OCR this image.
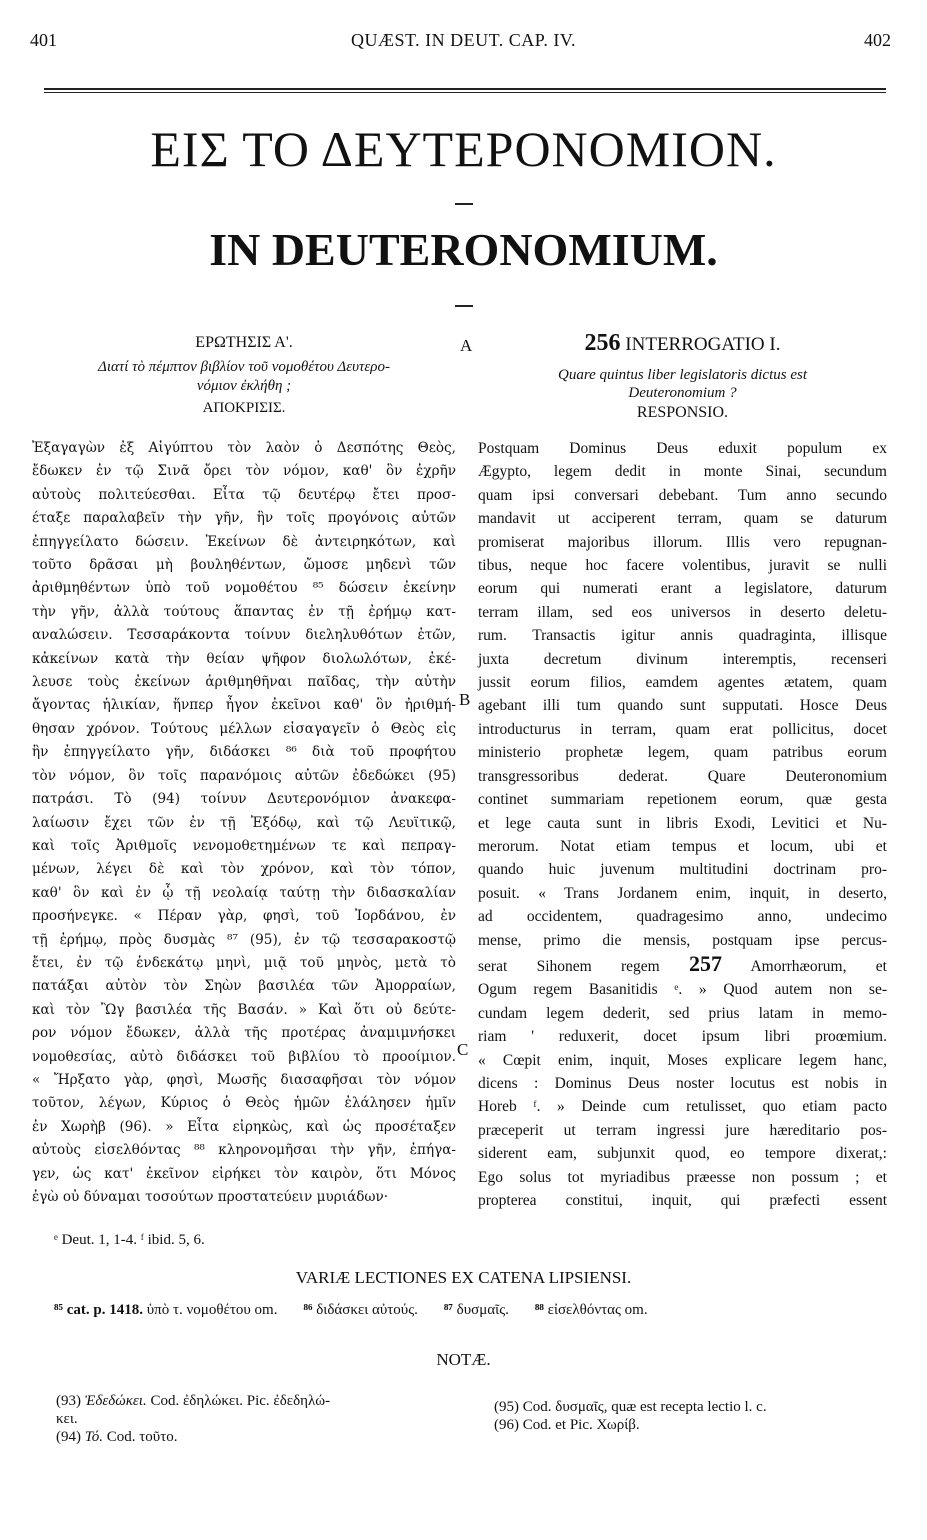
401	QUÆST. IN DEUT. CAP. IV.	402
ΕΙΣ ΤΟ ΔΕΥΤΕΡΟΝΟΜΙΟΝ.
IN DEUTERONOMIUM.
ΕΡΩΤΗΣΙΣ Α'.
Διατί τὸ πέμπτον βιβλίον τοῦ νομοθέτου Δευτερο-
νόμιον ἐκλήθη ;
ΑΠΟΚΡΙΣΙΣ.
A
B
C
256 INTERROGATIO I.
Quare quintus liber legislatoris dictus est
Deuteronomium ?
RESPONSIO.
Ἐξαγαγὼν ἐξ Αἰγύπτου τὸν λαὸν ὁ Δεσπότης Θεὸς,
ἔδωκεν ἐν τῷ Σινᾶ ὄρει τὸν νόμον, καθ' ὃν ἐχρῆν
αὐτοὺς πολιτεύεσθαι. Εἶτα τῷ δευτέρῳ ἔτει προσ-
έταξε παραλαβεῖν τὴν γῆν, ἣν τοῖς προγόνοις αὐτῶν
ἐπηγγείλατο δώσειν. Ἐκείνων δὲ ἀντειρηκότων, καὶ
τοῦτο δρᾶσαι μὴ βουληθέντων, ὤμοσε μηδενὶ τῶν
ἀριθμηθέντων ὑπὸ τοῦ νομοθέτου ⁸⁵ δώσειν ἐκείνην
τὴν γῆν, ἀλλὰ τούτους ἅπαντας ἐν τῇ ἐρήμῳ κατ-
αναλώσειν. Τεσσαράκοντα τοίνυν διεληλυθότων ἐτῶν,
κἀκείνων κατὰ τὴν θείαν ψῆφον διολωλότων, ἐκέ-
λευσε τοὺς ἐκείνων ἀριθμηθῆναι παῖδας, τὴν αὐτὴν
ἄγοντας ἡλικίαν, ἥνπερ ἦγον ἐκεῖνοι καθ' ὃν ἠριθμή-
θησαν χρόνον. Τούτους μέλλων εἰσαγαγεῖν ὁ Θεὸς εἰς
ἣν ἐπηγγείλατο γῆν, διδάσκει ⁸⁶ διὰ τοῦ προφήτου
τὸν νόμον, ὃν τοῖς παρανόμοις αὐτῶν ἐδεδώκει (95)
πατράσι. Τὸ (94) τοίνυν Δευτερονόμιον ἀνακεφα-
λαίωσιν ἔχει τῶν ἐν τῇ Ἐξόδῳ, καὶ τῷ Λευϊτικῷ,
καὶ τοῖς Ἀριθμοῖς νενομοθετημένων τε καὶ πεπραγ-
μένων, λέγει δὲ καὶ τὸν χρόνον, καὶ τὸν τόπον,
καθ' ὃν καὶ ἐν ᾧ τῇ νεολαίᾳ ταύτῃ τὴν διδασκαλίαν
προσήνεγκε. « Πέραν γὰρ, φησὶ, τοῦ Ἰορδάνου, ἐν
τῇ ἐρήμῳ, πρὸς δυσμὰς ⁸⁷ (95), ἐν τῷ τεσσαρακοστῷ
ἔτει, ἐν τῷ ἑνδεκάτῳ μηνὶ, μιᾷ τοῦ μηνὸς, μετὰ τὸ
πατάξαι αὐτὸν τὸν Σηὼν βασιλέα τῶν Ἀμορραίων,
καὶ τὸν Ὢγ βασιλέα τῆς Βασάν. » Καὶ ὅτι οὐ δεύτε-
ρον νόμον ἔδωκεν, ἀλλὰ τῆς προτέρας ἀναμιμνήσκει
νομοθεσίας, αὐτὸ διδάσκει τοῦ βιβλίου τὸ προοίμιον.
« Ἤρξατο γὰρ, φησὶ, Μωσῆς διασαφῆσαι τὸν νόμον
τοῦτον, λέγων, Κύριος ὁ Θεὸς ἡμῶν ἐλάλησεν ἡμῖν
ἐν Χωρὴβ (96). » Εἶτα εἰρηκὼς, καὶ ὡς προσέταξεν
αὐτοὺς εἰσελθόντας ⁸⁸ κληρονομῆσαι τὴν γῆν, ἐπήγα-
γεν, ὡς κατ' ἐκεῖνον εἰρήκει τὸν καιρὸν, ὅτι Μόνος
ἐγὼ οὐ δύναμαι τοσούτων προστατεύειν μυριάδων·
Postquam Dominus Deus eduxit populum ex
Ægypto, legem dedit in monte Sinai, secundum
quam ipsi conversari debebant. Tum anno secundo
mandavit ut acciperent terram, quam se daturum
promiserat majoribus illorum. Illis vero repugnan-
tibus, neque hoc facere volentibus, juravit se nulli
eorum qui numerati erant a legislatore, daturum
terram illam, sed eos universos in deserto deletu-
rum. Transactis igitur annis quadraginta, illisque
juxta decretum divinum interemptis, recenseri
jussit eorum filios, eamdem agentes ætatem, quam
agebant illi tum quando sunt supputati. Hosce Deus
introducturus in terram, quam erat pollicitus, docet
ministerio prophetæ legem, quam patribus eorum
transgressoribus dederat. Quare Deuteronomium
continet summariam repetionem eorum, quæ gesta
et lege cauta sunt in libris Exodi, Levitici et Nu-
merorum. Notat etiam tempus et locum, ubi et
quando huic juvenum multitudini doctrinam pro-
posuit. « Trans Jordanem enim, inquit, in deserto,
ad occidentem, quadragesimo anno, undecimo
mense, primo die mensis, postquam ipse percus-
serat Sihonem regem 257 Amorrhæorum, et
Ogum regem Basanitidis ᵉ. » Quod autem non se-
cundam legem dederit, sed prius latam in memo-
riam ' reduxerit, docet ipsum libri proœmium.
« Cœpit enim, inquit, Moses explicare legem hanc,
dicens : Dominus Deus noster locutus est nobis in
Horeb ᶠ. » Deinde cum retulisset, quo etiam pacto
præceperit ut terram ingressi jure hæreditario pos-
siderent eam, subjunxit quod, eo tempore dixerat,:
Ego solus tot myriadibus præesse non possum ; et
propterea constitui, inquit, qui præfecti essent
ᵉ Deut. 1, 1-4. ᶠ ibid. 5, 6.
VARIÆ LECTIONES EX CATENA LIPSIENSI.
⁸⁵ cat. p. 1418. ὑπὸ τ. νομοθέτου om. ⁸⁶ διδάσκει αὐτούς. ⁸⁷ δυσμαῖς. ⁸⁸ εἰσελθόντας om.
NOTÆ.
(93) Ἐδεδώκει. Cod. ἐδηλώκει. Pic. ἐδεδηλώ-
κει.
(94) Τό. Cod. τοῦτο.
(95) Cod. δυσμαῖς, quæ est recepta lectio l. c.
(96) Cod. et Pic. Χωρίβ.
